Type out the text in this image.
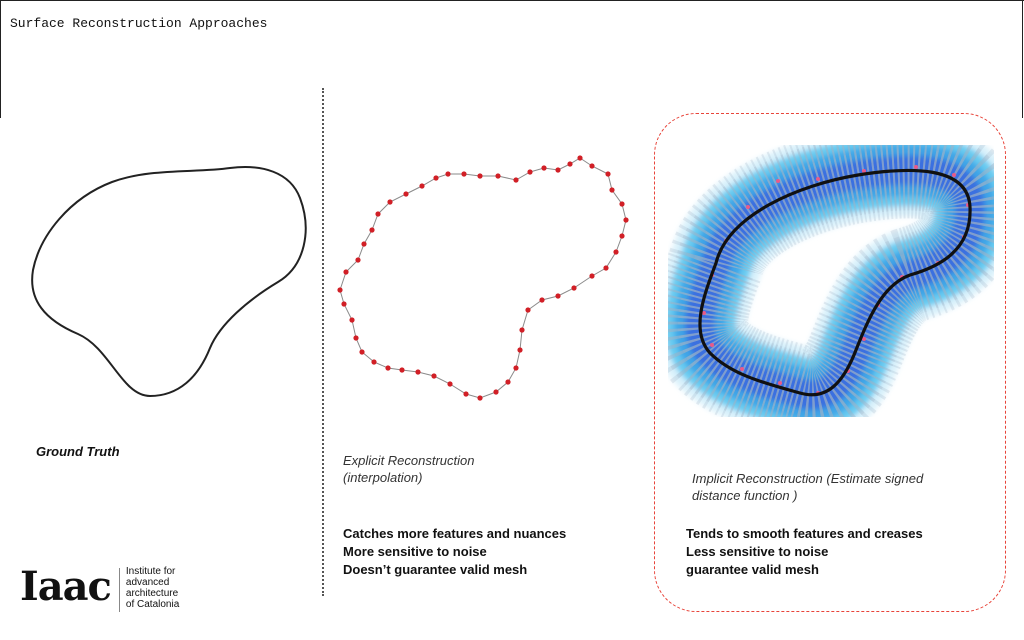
Surface Reconstruction Approaches
Ground Truth

Explicit Reconstruction
(interpolation)

Catches more features and nuances
More sensitive to noise
Doesn’t guarantee valid mesh

Implicit Reconstruction (Estimate signed
distance function )

Tends to smooth features and creases
Less sensitive to noise
guarantee valid mesh
Iaac Institute for
advanced
architecture
of Catalonia
